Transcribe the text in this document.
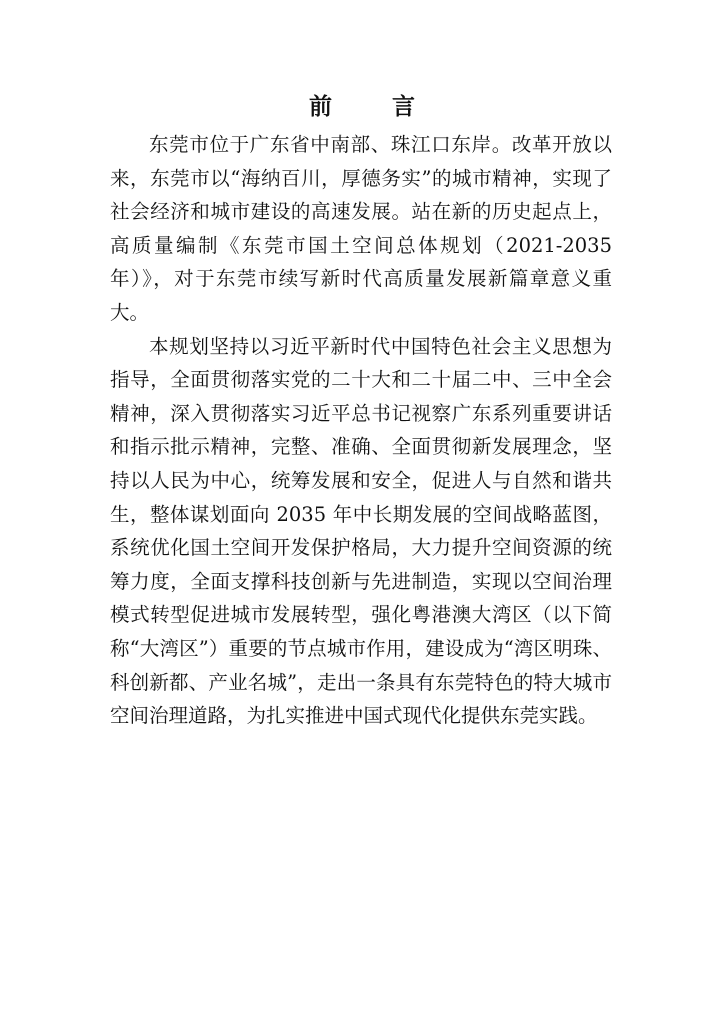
前 言

东莞市位于广东省中南部、珠江口东岸。改革开放以来，东莞市以“海纳百川，厚德务实”的城市精神，实现了社会经济和城市建设的高速发展。站在新的历史起点上，高质量编制《东莞市国土空间总体规划（2021-2035年）》，对于东莞市续写新时代高质量发展新篇章意义重大。

本规划坚持以习近平新时代中国特色社会主义思想为指导，全面贯彻落实党的二十大和二十届二中、三中全会精神，深入贯彻落实习近平总书记视察广东系列重要讲话和指示批示精神，完整、准确、全面贯彻新发展理念，坚持以人民为中心，统筹发展和安全，促进人与自然和谐共生，整体谋划面向 2035 年中长期发展的空间战略蓝图，系统优化国土空间开发保护格局，大力提升空间资源的统筹力度，全面支撑科技创新与先进制造，实现以空间治理模式转型促进城市发展转型，强化粤港澳大湾区（以下简称“大湾区”）重要的节点城市作用，建设成为“湾区明珠、科创新都、产业名城”，走出一条具有东莞特色的特大城市空间治理道路，为扎实推进中国式现代化提供东莞实践。
